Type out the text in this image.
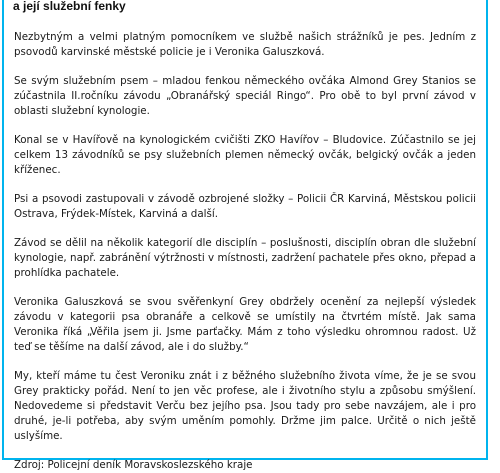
a její služební fenky

Nezbytným a velmi platným pomocníkem ve službě našich strážníků je pes. Jedním z psovodů karvinské městské policie je i Veronika Galuszková.

Se svým služebním psem – mladou fenkou německého ovčáka Almond Grey Stanios se zúčastnila II.ročníku závodu „Obranářský speciál Ringo“. Pro obě to byl první závod v oblasti služební kynologie.

Konal se v Havířově na kynologickém cvičišti ZKO Havířov – Bludovice. Zúčastnilo se jej celkem 13 závodníků se psy služebních plemen německý ovčák, belgický ovčák a jeden kříženec.

Psi a psovodi zastupovali v závodě ozbrojené složky – Policii ČR Karviná, Městskou policii Ostrava, Frýdek-Místek, Karviná a další.

Závod se dělil na několik kategorií dle disciplín – poslušnosti, disciplín obran dle služební kynologie, např. zabránění výtržnosti v místnosti, zadržení pachatele přes okno, přepad a prohlídka pachatele.

Veronika Galuszková se svou svěřenkyní Grey obdržely ocenění za nejlepší výsledek závodu v kategorii psa obranáře a celkově se umístily na čtvrtém místě. Jak sama Veronika říká „Věřila jsem ji. Jsme parťačky. Mám z toho výsledku ohromnou radost. Už teď se těšíme na další závod, ale i do služby.“

My, kteří máme tu čest Veroniku znát i z běžného služebního života víme, že je se svou Grey prakticky pořád. Není to jen věc profese, ale i životního stylu a způsobu smýšlení. Nedovedeme si představit Verču bez jejího psa. Jsou tady pro sebe navzájem, ale i pro druhé, je-li potřeba, aby svým uměním pomohly. Držme jim palce. Určitě o nich ještě uslyšíme.

Zdroj: Policejní deník Moravskoslezského kraje
